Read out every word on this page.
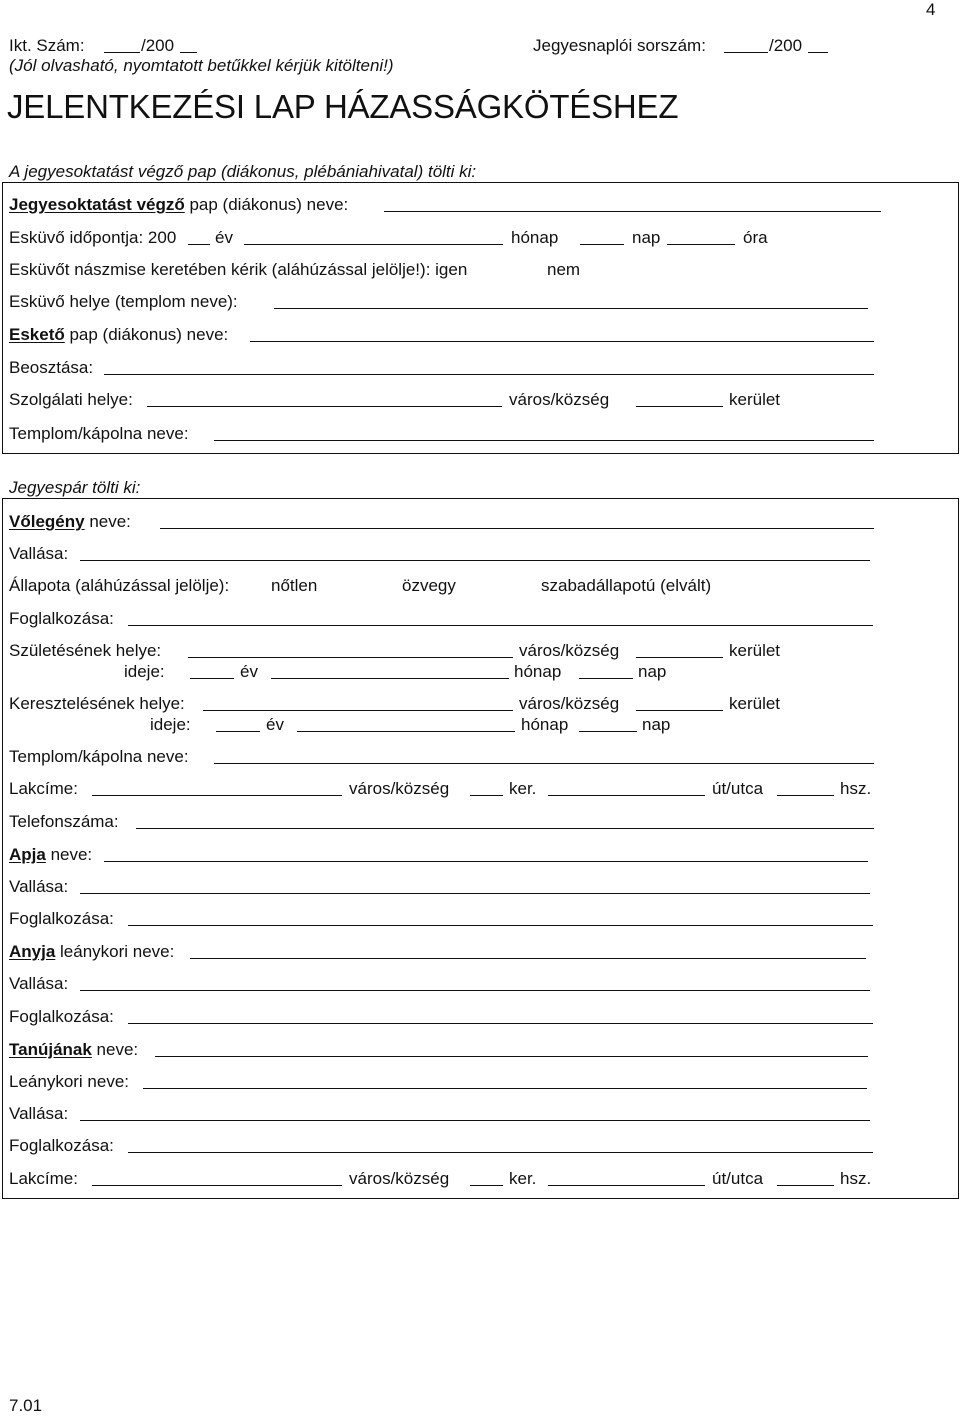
4
Ikt. Szám:	/200	Jegyesnaplói sorszám:	/200
(Jól olvasható, nyomtatott betűkkel kérjük kitölteni!)
JELENTKEZÉSI LAP HÁZASSÁGKÖTÉSHEZ
A jegyesoktatást végző pap (diákonus, plébániahivatal) tölti ki:
Jegyesoktatást végző pap (diákonus) neve:
Esküvő időpontja: 200 év	hónap	nap	óra
Esküvőt nászmise keretében kérik (aláhúzással jelölje!): igen	nem
Esküvő helye (templom neve):
Eskető pap (diákonus) neve:
Beosztása:
Szolgálati helye:	város/község	kerület
Templom/kápolna neve:
Jegyespár tölti ki:
Vőlegény neve:
Vallása:
Állapota (aláhúzással jelölje): nőtlen	özvegy	szabadállapotú (elvált)
Foglalkozása:
Születésének helye:	város/község	kerület
ideje:	év	hónap	nap
Keresztelésének helye:	város/község	kerület
ideje:	év	hónap	nap
Templom/kápolna neve:
Lakcíme:	város/község	ker.	út/utca	hsz.
Telefonszáma:
Apja neve:
Vallása:
Foglalkozása:
Anyja leánykori neve:
Vallása:
Foglalkozása:
Tanújának neve:
Leánykori neve:
Vallása:
Foglalkozása:
Lakcíme:	város/község	ker.	út/utca	hsz.
7.01
